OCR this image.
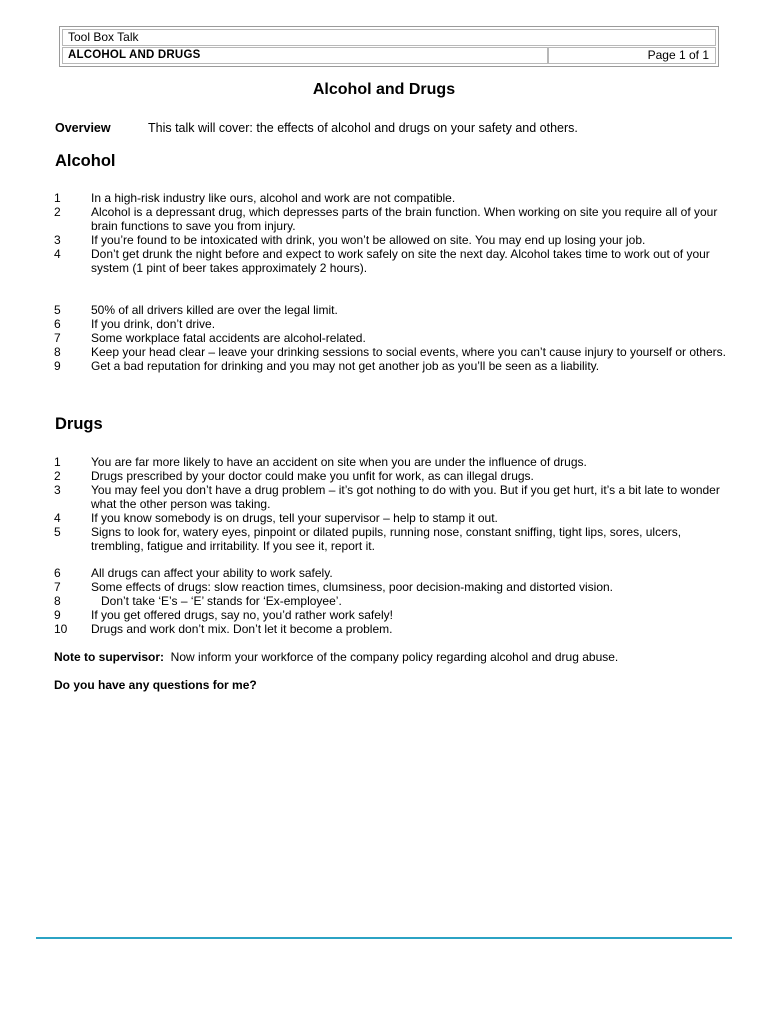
Tool Box Talk
ALCOHOL AND DRUGS	Page 1 of 1
Alcohol and Drugs
Overview	This talk will cover: the effects of alcohol and drugs on your safety and others.
Alcohol
1	In a high-risk industry like ours, alcohol and work are not compatible.
2	Alcohol is a depressant drug, which depresses parts of the brain function. When working on site you require all of your brain functions to save you from injury.
3	If you’re found to be intoxicated with drink, you won’t be allowed on site. You may end up losing your job.
4	Don’t get drunk the night before and expect to work safely on site the next day. Alcohol takes time to work out of your system (1 pint of beer takes approximately 2 hours).
5	50% of all drivers killed are over the legal limit.
6	If you drink, don’t drive.
7	Some workplace fatal accidents are alcohol-related.
8	Keep your head clear – leave your drinking sessions to social events, where you can’t cause injury to yourself or others.
9	Get a bad reputation for drinking and you may not get another job as you’ll be seen as a liability.
Drugs
1	You are far more likely to have an accident on site when you are under the influence of drugs.
2	Drugs prescribed by your doctor could make you unfit for work, as can illegal drugs.
3	You may feel you don’t have a drug problem – it’s got nothing to do with you. But if you get hurt, it’s a bit late to wonder what the other person was taking.
4	If you know somebody is on drugs, tell your supervisor – help to stamp it out.
5	Signs to look for, watery eyes, pinpoint or dilated pupils, running nose, constant sniffing, tight lips, sores, ulcers, trembling, fatigue and irritability. If you see it, report it.
6	All drugs can affect your ability to work safely.
7	Some effects of drugs: slow reaction times, clumsiness, poor decision-making and distorted vision.
8	Don’t take ‘E’s – ‘E’ stands for ‘Ex-employee’.
9	If you get offered drugs, say no, you’d rather work safely!
10	Drugs and work don’t mix. Don’t let it become a problem.
Note to supervisor:  Now inform your workforce of the company policy regarding alcohol and drug abuse.
Do you have any questions for me?
